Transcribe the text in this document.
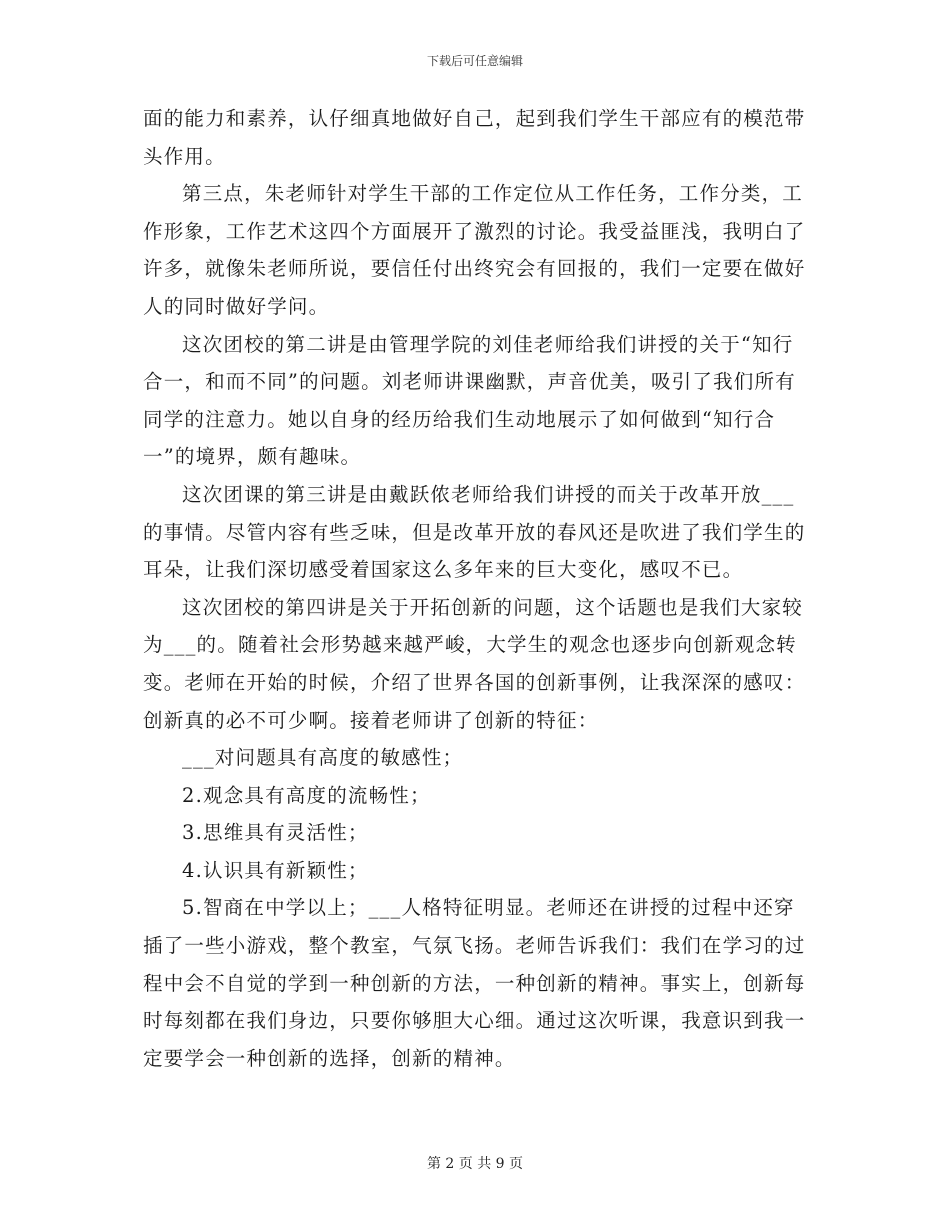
下载后可任意编辑

面的能力和素养，认仔细真地做好自己，起到我们学生干部应有的模范带头作用。

第三点，朱老师针对学生干部的工作定位从工作任务，工作分类，工作形象，工作艺术这四个方面展开了激烈的讨论。我受益匪浅，我明白了许多，就像朱老师所说，要信任付出终究会有回报的，我们一定要在做好人的同时做好学问。

这次团校的第二讲是由管理学院的刘佳老师给我们讲授的关于“知行合一，和而不同”的问题。刘老师讲课幽默，声音优美，吸引了我们所有同学的注意力。她以自身的经历给我们生动地展示了如何做到“知行合一”的境界，颇有趣味。

这次团课的第三讲是由戴跃侬老师给我们讲授的而关于改革开放___的事情。尽管内容有些乏味，但是改革开放的春风还是吹进了我们学生的耳朵，让我们深切感受着国家这么多年来的巨大变化，感叹不已。

这次团校的第四讲是关于开拓创新的问题，这个话题也是我们大家较为___的。随着社会形势越来越严峻，大学生的观念也逐步向创新观念转变。老师在开始的时候，介绍了世界各国的创新事例，让我深深的感叹：创新真的必不可少啊。接着老师讲了创新的特征：

___对问题具有高度的敏感性；

2.观念具有高度的流畅性；

3.思维具有灵活性；

4.认识具有新颖性；

5.智商在中学以上；___人格特征明显。老师还在讲授的过程中还穿插了一些小游戏，整个教室，气氛飞扬。老师告诉我们：我们在学习的过程中会不自觉的学到一种创新的方法，一种创新的精神。事实上，创新每时每刻都在我们身边，只要你够胆大心细。通过这次听课，我意识到我一定要学会一种创新的选择，创新的精神。

第 2 页 共 9 页
